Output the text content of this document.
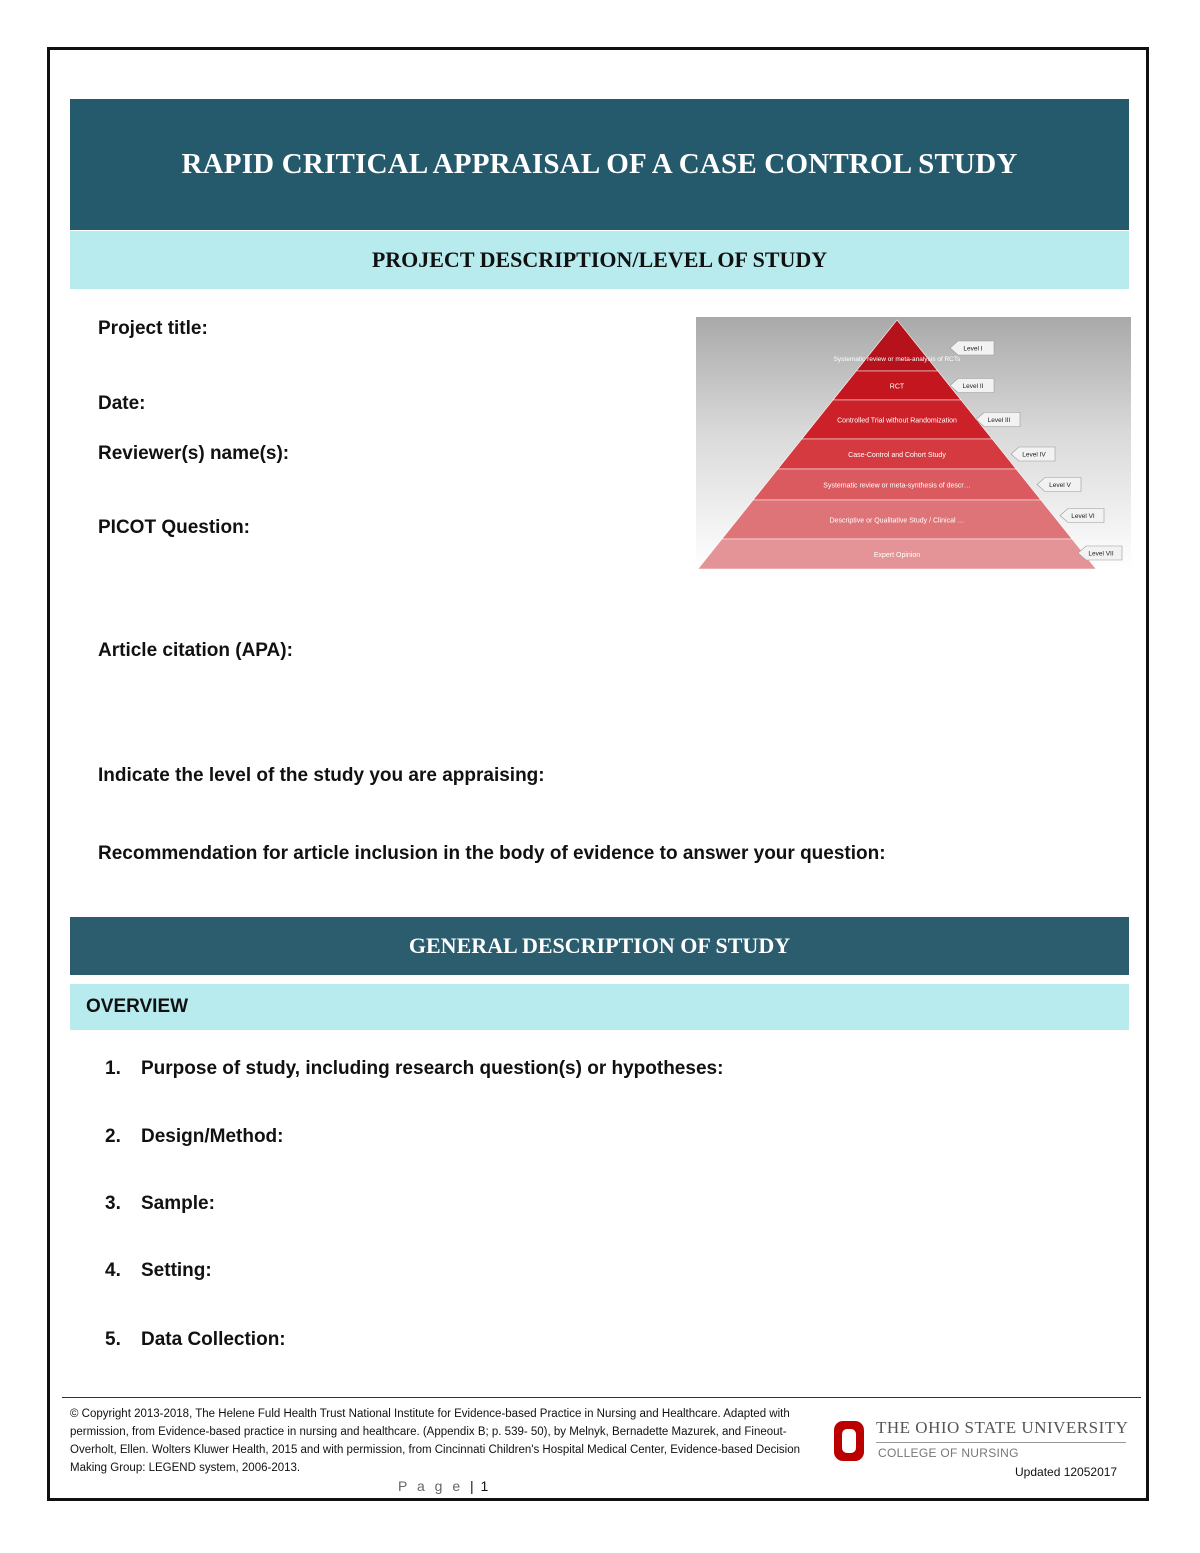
RAPID CRITICAL APPRAISAL OF A CASE CONTROL STUDY
PROJECT DESCRIPTION/LEVEL OF STUDY
Project title:
Date:
Reviewer(s) name(s):
PICOT Question:
Article citation (APA):
Indicate the level of the study you are appraising:
Recommendation for article inclusion in the body of evidence to answer your question:
Systematic review or meta-analysis of RCTs
Level I
RCT	Level II
Controlled Trial without Randomization	Level III
Case-Control and Cohort Study	Level IV
Systematic review or meta-synthesis of descr…	Level V
Descriptive or Qualitative Study / Clinical …
Level VI
Expert Opinion	Level VII
GENERAL DESCRIPTION OF STUDY
OVERVIEW
1.	Purpose of study, including research question(s) or hypotheses:
2.	Design/Method:
3.	Sample:
4.	Setting:
5.	Data Collection:
© Copyright 2013-2018, The Helene Fuld Health Trust National Institute for Evidence-based Practice in Nursing and Healthcare. Adapted with permission, from Evidence-based practice in nursing and healthcare. (Appendix B; p. 539- 50), by Melnyk, Bernadette Mazurek, and Fineout-Overholt, Ellen. Wolters Kluwer Health, 2015 and with permission, from Cincinnati Children's Hospital Medical Center, Evidence-based Decision Making Group: LEGEND system, 2006-2013.
P a g e | 1
THE OHIO STATE UNIVERSITY
COLLEGE OF NURSING
Updated 12052017
